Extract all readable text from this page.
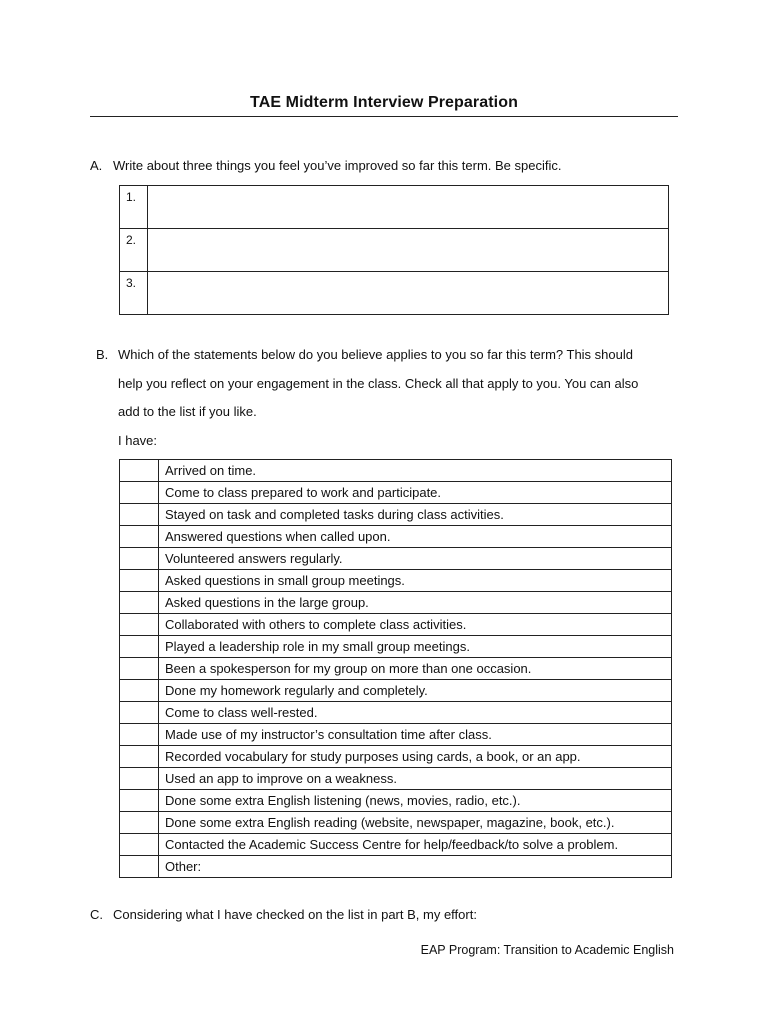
TAE Midterm Interview Preparation
A. Write about three things you feel you’ve improved so far this term. Be specific.
1.	
2.	
3.	
B. Which of the statements below do you believe applies to you so far this term? This should
help you reflect on your engagement in the class. Check all that apply to you. You can also
add to the list if you like.
I have:
	Arrived on time.
	Come to class prepared to work and participate.
	Stayed on task and completed tasks during class activities.
	Answered questions when called upon.
	Volunteered answers regularly.
	Asked questions in small group meetings.
	Asked questions in the large group.
	Collaborated with others to complete class activities.
	Played a leadership role in my small group meetings.
	Been a spokesperson for my group on more than one occasion.
	Done my homework regularly and completely.
	Come to class well-rested.
	Made use of my instructor’s consultation time after class.
	Recorded vocabulary for study purposes using cards, a book, or an app.
	Used an app to improve on a weakness.
	Done some extra English listening (news, movies, radio, etc.).
	Done some extra English reading (website, newspaper, magazine, book, etc.).
	Contacted the Academic Success Centre for help/feedback/to solve a problem.
	Other:
C. Considering what I have checked on the list in part B, my effort:
EAP Program: Transition to Academic English
